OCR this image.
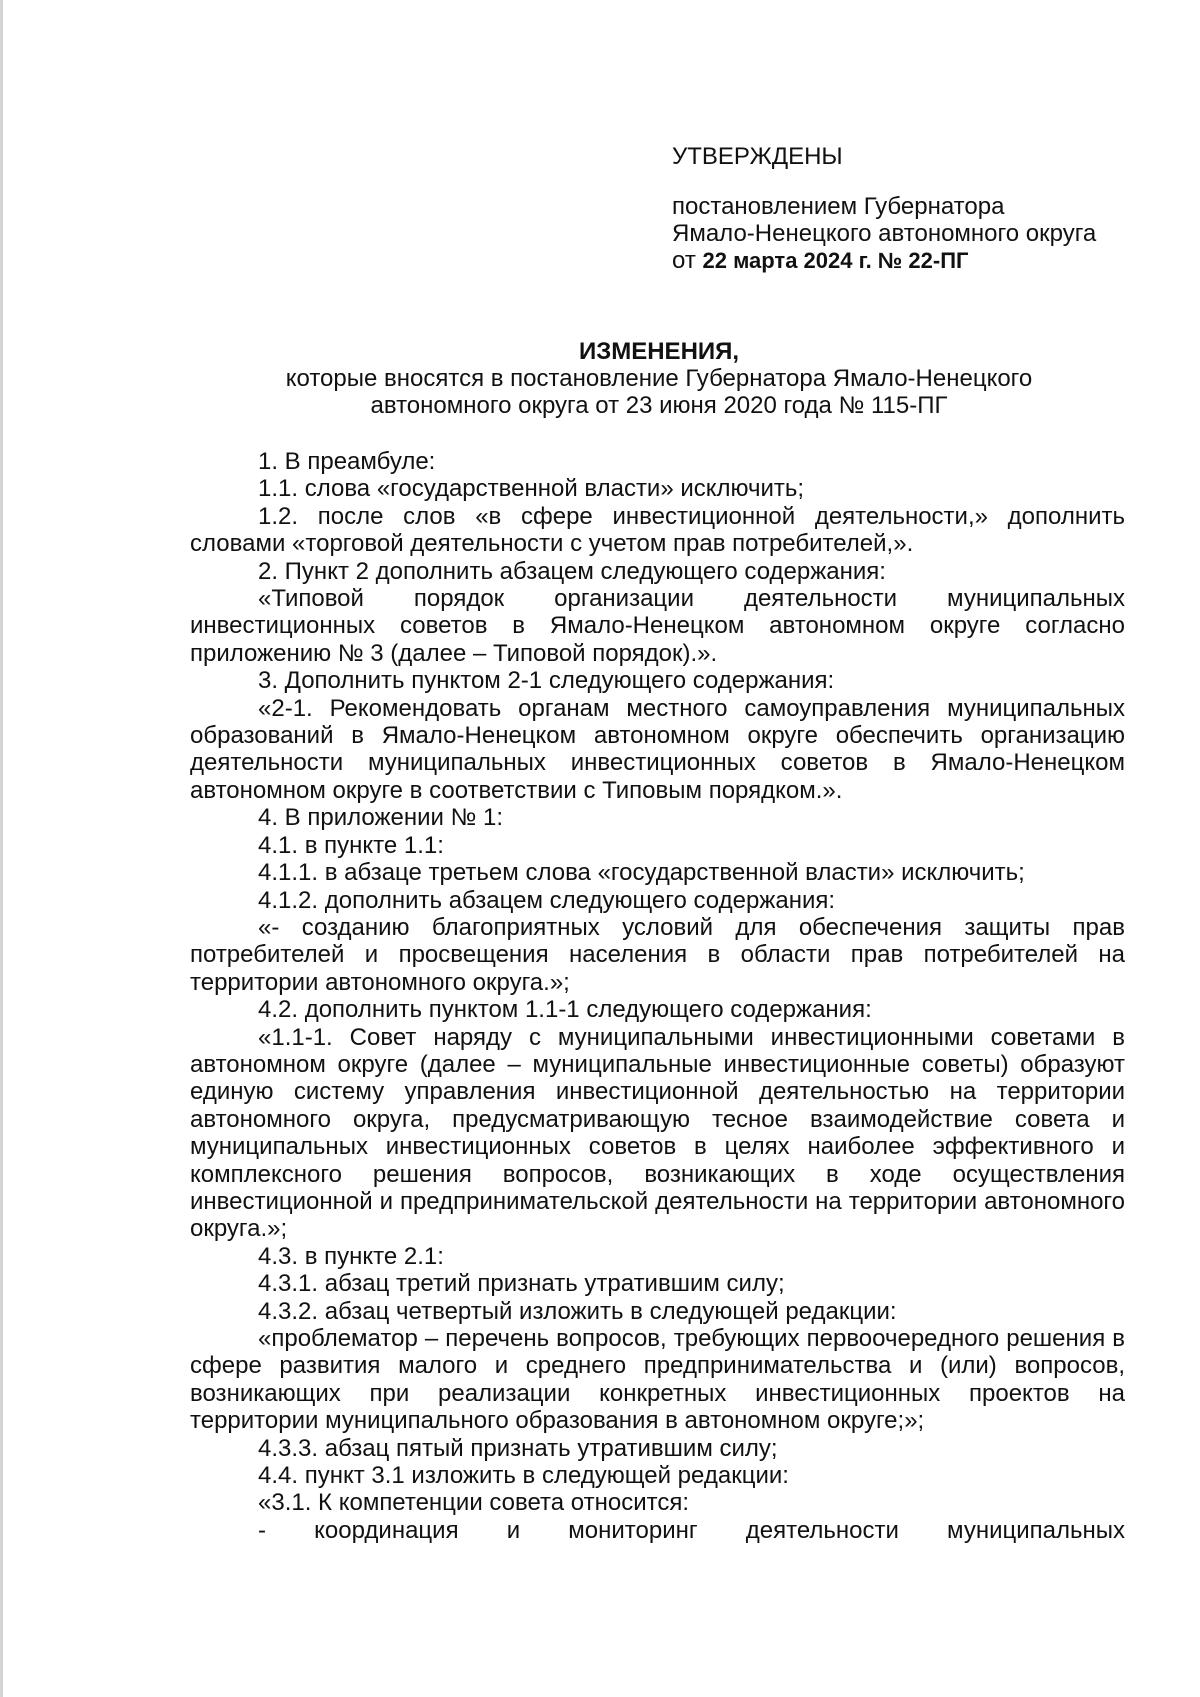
УТВЕРЖДЕНЫ
постановлением Губернатора
Ямало-Ненецкого автономного округа
от 22 марта 2024 г. № 22-ПГ
ИЗМЕНЕНИЯ,
которые вносятся в постановление Губернатора Ямало-Ненецкого
автономного округа от 23 июня 2020 года № 115-ПГ

1. В преамбуле:

1.1. слова «государственной власти» исключить;

1.2. после слов «в сфере инвестиционной деятельности,» дополнить словами «торговой деятельности с учетом прав потребителей,».

2. Пункт 2 дополнить абзацем следующего содержания:

«Типовой порядок организации деятельности муниципальных инвестиционных советов в Ямало-Ненецком автономном округе согласно приложению № 3 (далее – Типовой порядок).».

3. Дополнить пунктом 2-1 следующего содержания:

«2-1. Рекомендовать органам местного самоуправления муниципальных образований в Ямало-Ненецком автономном округе обеспечить организацию деятельности муниципальных инвестиционных советов в Ямало-Ненецком автономном округе в соответствии с Типовым порядком.».

4. В приложении № 1:

4.1. в пункте 1.1:

4.1.1. в абзаце третьем слова «государственной власти» исключить;

4.1.2. дополнить абзацем следующего содержания:

«- созданию благоприятных условий для обеспечения защиты прав потребителей и просвещения населения в области прав потребителей на территории автономного округа.»;

4.2. дополнить пунктом 1.1-1 следующего содержания:

«1.1-1. Совет наряду с муниципальными инвестиционными советами в автономном округе (далее – муниципальные инвестиционные советы) образуют единую систему управления инвестиционной деятельностью на территории автономного округа, предусматривающую тесное взаимодействие совета и муниципальных инвестиционных советов в целях наиболее эффективного и комплексного решения вопросов, возникающих в ходе осуществления инвестиционной и предпринимательской деятельности на территории автономного округа.»;

4.3. в пункте 2.1:

4.3.1. абзац третий признать утратившим силу;

4.3.2. абзац четвертый изложить в следующей редакции:

«проблематор – перечень вопросов, требующих первоочередного решения в сфере развития малого и среднего предпринимательства и (или) вопросов, возникающих при реализации конкретных инвестиционных проектов на территории муниципального образования в автономном округе;»;

4.3.3. абзац пятый признать утратившим силу;

4.4. пункт 3.1 изложить в следующей редакции:

«3.1. К компетенции совета относится:

- координация и мониторинг деятельности муниципальных
